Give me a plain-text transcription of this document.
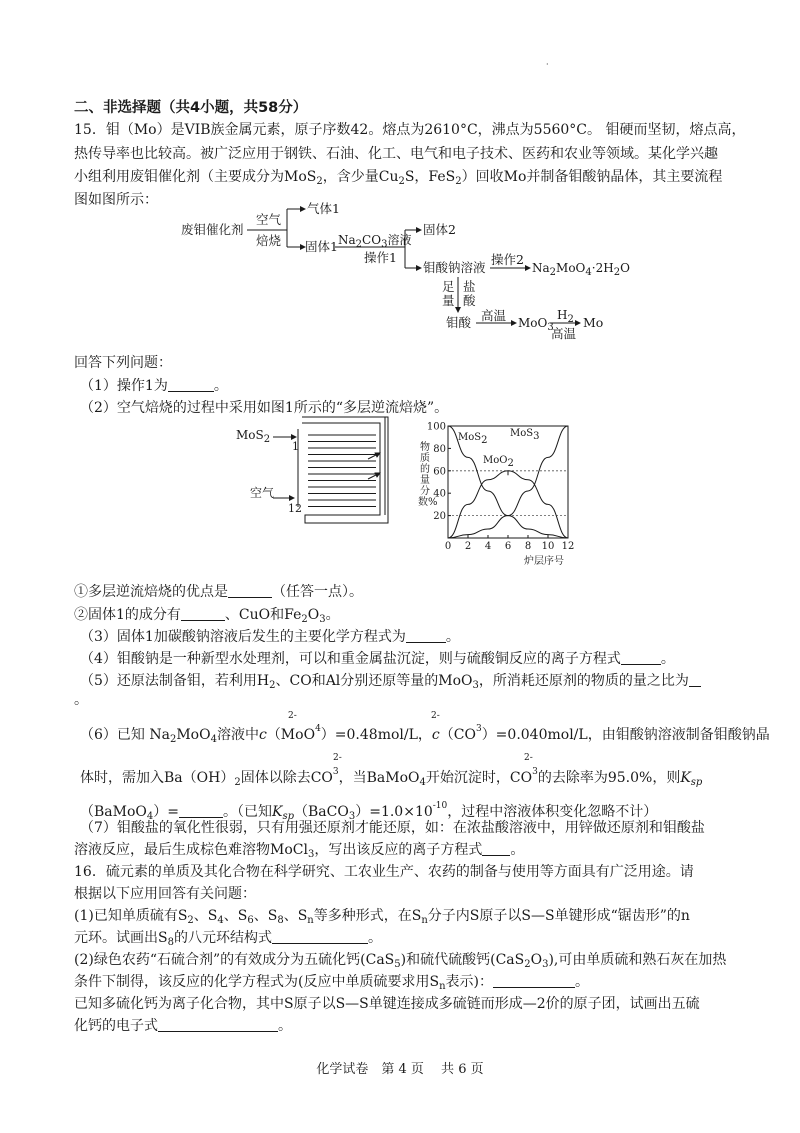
·
二、非选择题（共4小题，共58分）
15．钼（Mo）是VIB族金属元素，原子序数42。熔点为2610°C，沸点为5560°C。 钼硬而坚韧，熔点高，
热传导率也比较高。被广泛应用于钢铁、石油、化工、电气和电子技术、医药和农业等领域。某化学兴趣
小组利用废钼催化剂（主要成分为MoS$_2$，含少量$Cu_2S$，FeS$_2$）回收Mo并制备钼酸钠晶体，其主要流程
图如图所示：
废钼催化剂
空气
焙烧
气体1
固体1 $Na_2CO_3$溶液
操作1
固体2
钼酸钠溶液
操作2
$Na_2MoO_4\cdot 2H_2O$
足
量
盐
酸
钼酸 高温 MoO$_3$
$H_2$
高温
Mo
回答下列问题：
（1）操作1为	。
（2）空气焙烧的过程中采用如图1所示的“多层逆流焙烧”。
MoS$_2$
1
空气
12
20
40
60
80
100
0 2 4 6 8 10 12
物质的量分数%
炉层序号
MoS2
MoS3
MoO2
①多层逆流焙烧的优点是	（任答一点）。
②固体1的成分有	、CuO和$Fe_2O_3$。
（3）固体1加碳酸钠溶液后发生的主要化学方程式为	。
（4）钼酸钠是一种新型水处理剂，可以和重金属盐沉淀，则与硫酸铜反应的离子方程式	。
（5）还原法制备钼，若利用$H_2$、CO和Al分别还原等量的MoO$_3$，所消耗还原剂的物质的量之比为
。
（6）已知 $Na_2MoO_4$溶液中c（MoO$^4$）=0.48mol/L，$c(CO^3)=0.040mol/L$，由钼酸钠溶液制备钼酸钠晶
2-	2-
体时，需加入$Ba(OH)_2$固体以除去$CO^3$，当BaMoO$_4$开始沉淀时，$CO^3$的去除率为95.0%，则$K_{sp}$
2-	2-
（BaMoO$_4$）=	。（已知$K_{sp}(BaCO_3)=1.0\times 10^{-10}$，过程中溶液体积变化忽略不计）
（7）钼酸盐的氧化性很弱，只有用强还原剂才能还原，如：在浓盐酸溶液中，用锌做还原剂和钼酸盐
溶液反应，最后生成棕色难溶物MoCl$_3$，写出该反应的离子方程式 。
16．硫元素的单质及其化合物在科学研究、工农业生产、农药的制备与使用等方面具有广泛用途。请
根据以下应用回答有关问题：
(1)已知单质硫有$S_2$、$S_4$、$S_6$、$S_8$、$S_n$等多种形式，在$S_n$分子内S原子以S—S单键形成“锯齿形”的n
元环。试画出$S_8$的八元环结构式	。
(2)绿色农药“石硫合剂”的有效成分为五硫化钙(CaS$_5$)和硫代硫酸钙$(CaS_2O_3)$,可由单质硫和熟石灰在加热
条件下制得，该反应的化学方程式为(反应中单质硫要求用$S_n$表示)：	。
已知多硫化钙为离子化合物，其中S原子以S—S单键连接成多硫链而形成—2价的原子团，试画出五硫
化钙的电子式	。
化学试卷　第 4 页　 共 6 页
